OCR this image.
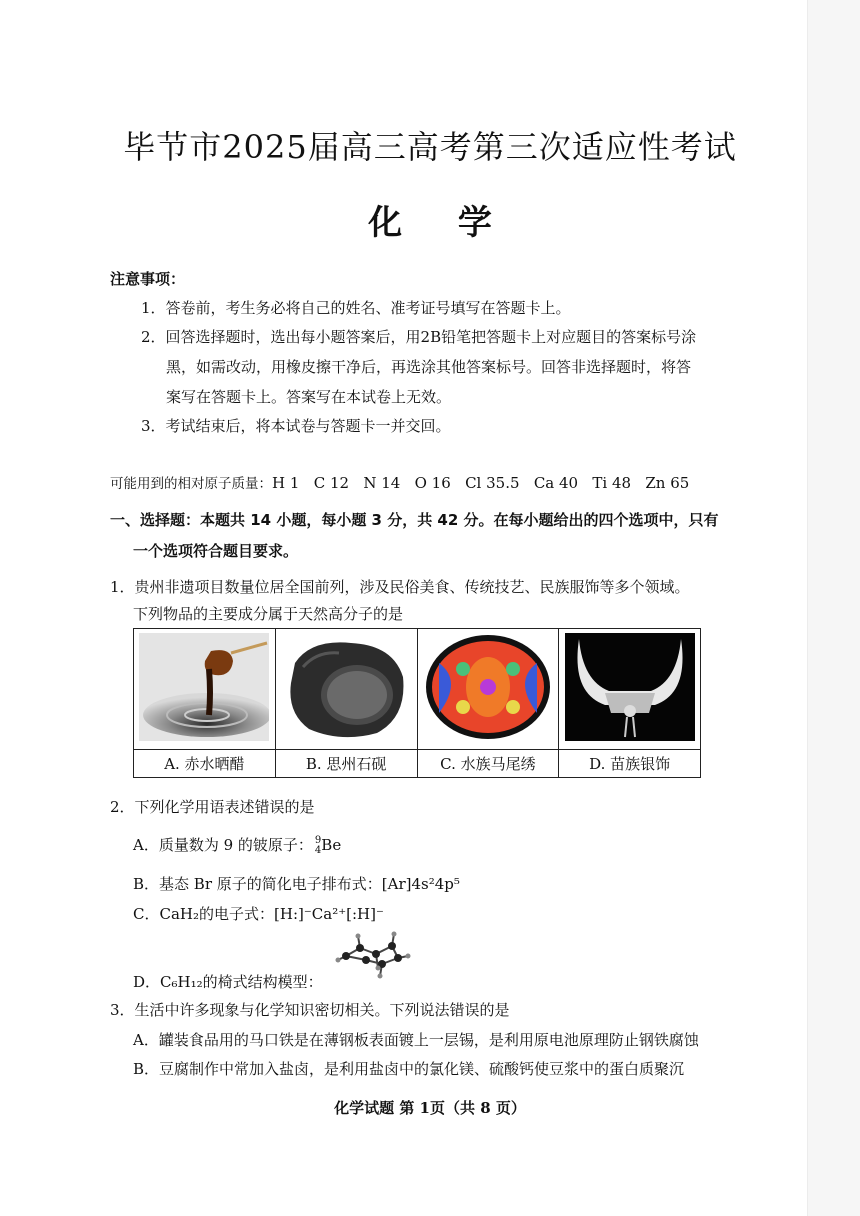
毕节市2025届高三高考第三次适应性考试
化 学
注意事项：
1．答卷前，考生务必将自己的姓名、准考证号填写在答题卡上。
2．回答选择题时，选出每小题答案后，用2B铅笔把答题卡上对应题目的答案标号涂
黑，如需改动，用橡皮擦干净后，再选涂其他答案标号。回答非选择题时，将答
案写在答题卡上。答案写在本试卷上无效。
3．考试结束后，将本试卷与答题卡一并交回。
可能用到的相对原子质量：H 1   C 12   N 14   O 16   Cl 35.5   Ca 40   Ti 48   Zn 65
一、选择题：本题共 14 小题，每小题 3 分，共 42 分。在每小题给出的四个选项中，只有
一个选项符合题目要求。
1．贵州非遗项目数量位居全国前列，涉及民俗美食、传统技艺、民族服饰等多个领域。
下列物品的主要成分属于天然高分子的是

A. 赤水晒醋	B. 思州石砚	C. 水族马尾绣	D. 苗族银饰
2．下列化学用语表述错误的是
A．质量数为 9 的铍原子： 9
4Be
B．基态 Br 原子的简化电子排布式：[Ar]4s²4p⁵
C．CaH₂的电子式：[H:]⁻Ca²⁺[:H]⁻
D．C₆H₁₂的椅式结构模型：
3．生活中许多现象与化学知识密切相关。下列说法错误的是
A．罐装食品用的马口铁是在薄钢板表面镀上一层锡，是利用原电池原理防止钢铁腐蚀
B．豆腐制作中常加入盐卤，是利用盐卤中的氯化镁、硫酸钙使豆浆中的蛋白质聚沉
化学试题 第 1页（共 8 页）
